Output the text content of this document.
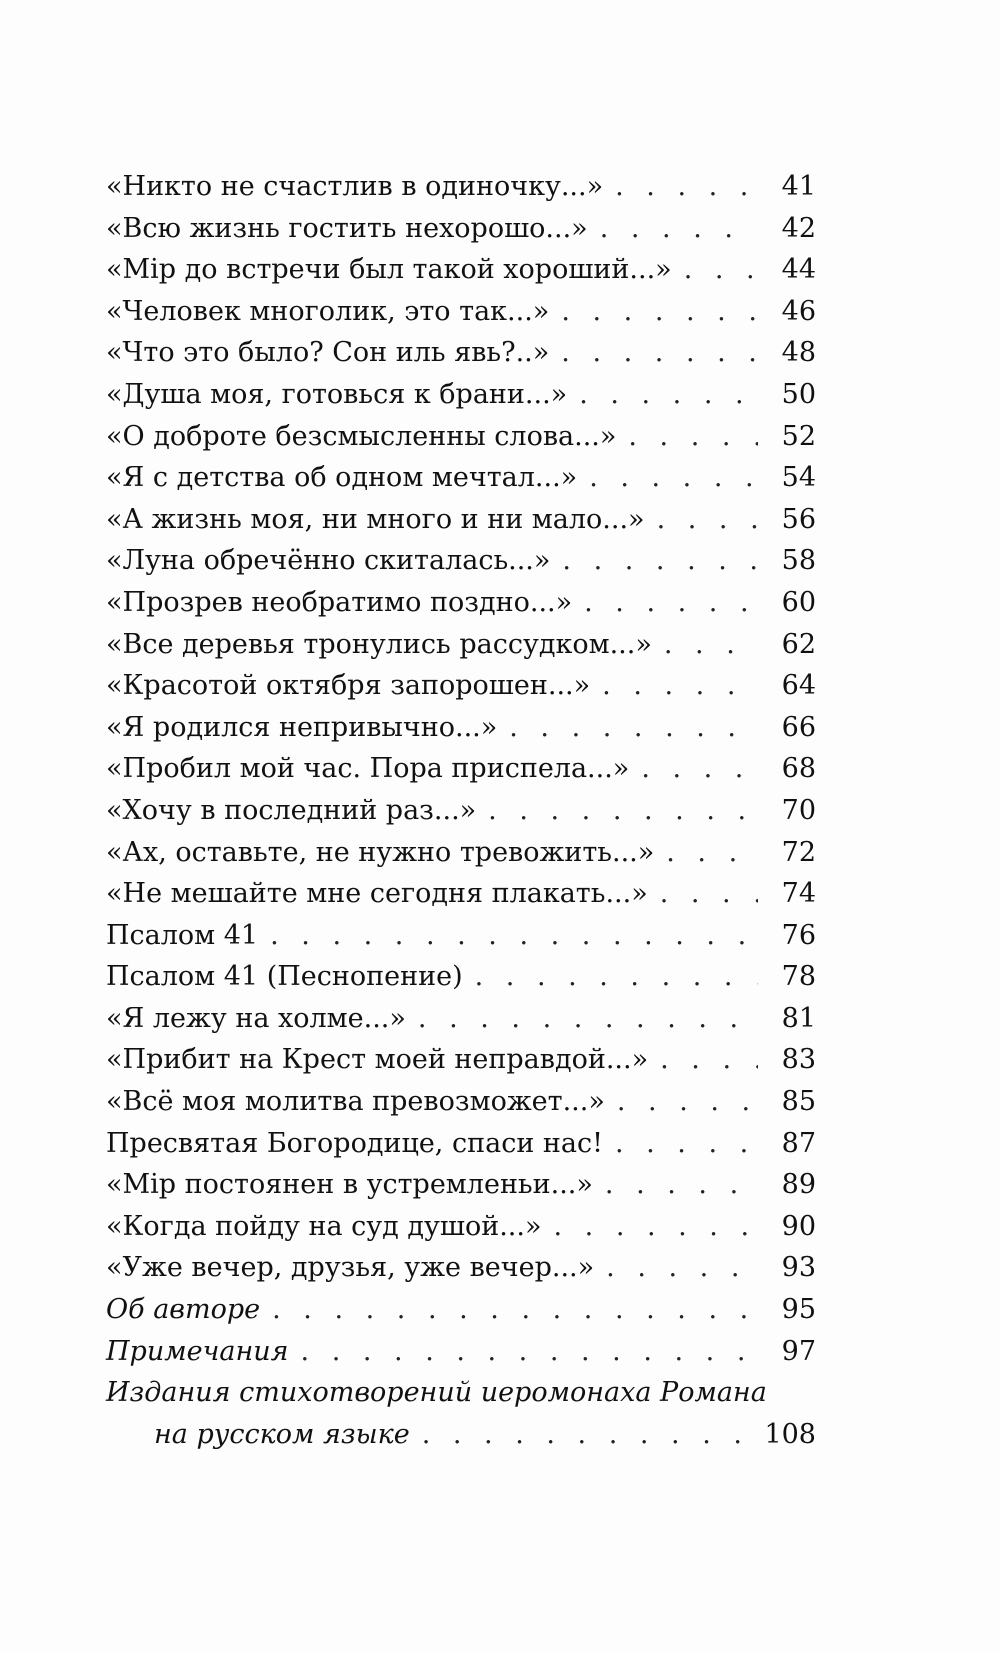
«Никто не счастлив в одиночку...» . . .	41
«Всю жизнь гостить нехорошо...» . . .	42
«Мiр до встречи был такой хороший...» . . .	44
«Человек многолик, это так...» . . .	46
«Что это было? Сон иль явь?..» . . .	48
«Душа моя, готовься к брани...» . . .	50
«О доброте безсмысленны слова...» . . .	52
«Я с детства об одном мечтал...» . . .	54
«А жизнь моя, ни много и ни мало...» . . .	56
«Луна обречённо скиталась...» . . .	58
«Прозрев необратимо поздно...» . . .	60
«Все деревья тронулись рассудком...» . . .	62
«Красотой октября запорошен...» . . .	64
«Я родился непривычно...» . . .	66
«Пробил мой час. Пора приспела...» . . .	68
«Хочу в последний раз...» . . .	70
«Ах, оставьте, не нужно тревожить...» . . .	72
«Не мешайте мне сегодня плакать...» . . .	74
Псалом 41 . . .	76
Псалом 41 (Песнопение) . . .	78
«Я лежу на холме...» . . .	81
«Прибит на Крест моей неправдой...» . . .	83
«Всё моя молитва превозможет...» . . .	85
Пресвятая Богородице, спаси нас! . . .	87
«Мiр постоянен в устремленьи...» . . .	89
«Когда пойду на суд душой...» . . .	90
«Уже вечер, друзья, уже вечер...» . . .	93
Об авторе . . .	95
Примечания . . .	97
Издания стихотворений иеромонаха Романа
на русском языке . . .	108
